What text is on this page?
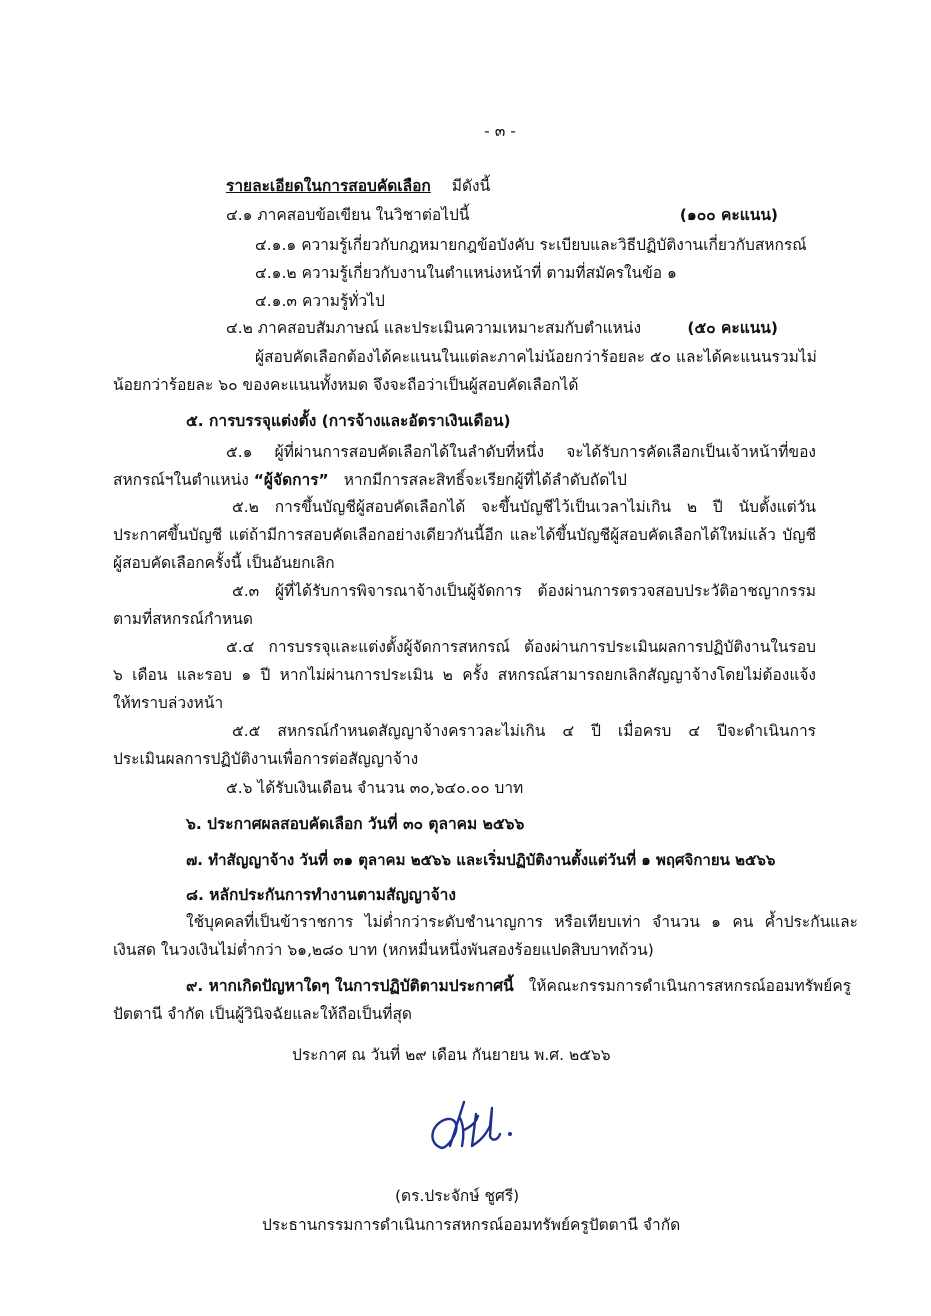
- ๓ -
รายละเอียดในการสอบคัดเลือก มีดังนี้
๔.๑ ภาคสอบข้อเขียน ในวิชาต่อไปนี้	(๑๐๐ คะแนน)
๔.๑.๑ ความรู้เกี่ยวกับกฎหมายกฎข้อบังคับ ระเบียบและวิธีปฏิบัติงานเกี่ยวกับสหกรณ์
๔.๑.๒ ความรู้เกี่ยวกับงานในตำแหน่งหน้าที่ ตามที่สมัครในข้อ ๑
๔.๑.๓ ความรู้ทั่วไป
๔.๒ ภาคสอบสัมภาษณ์ และประเมินความเหมาะสมกับตำแหน่ง	(๕๐ คะแนน)
ผู้สอบคัดเลือกต้องได้คะแนนในแต่ละภาคไม่น้อยกว่าร้อยละ ๕๐ และได้คะแนนรวมไม่
น้อยกว่าร้อยละ ๖๐ ของคะแนนทั้งหมด จึงจะถือว่าเป็นผู้สอบคัดเลือกได้
๕. การบรรจุแต่งตั้ง (การจ้างและอัตราเงินเดือน)
๕.๑ ผู้ที่ผ่านการสอบคัดเลือกได้ในลำดับที่หนึ่ง จะได้รับการคัดเลือกเป็นเจ้าหน้าที่ของ
สหกรณ์ฯในตำแหน่ง “ผู้จัดการ” หากมีการสละสิทธิ์จะเรียกผู้ที่ได้ลำดับถัดไป
๕.๒ การขึ้นบัญชีผู้สอบคัดเลือกได้ จะขึ้นบัญชีไว้เป็นเวลาไม่เกิน ๒ ปี นับตั้งแต่วัน
ประกาศขึ้นบัญชี แต่ถ้ามีการสอบคัดเลือกอย่างเดียวกันนี้อีก และได้ขึ้นบัญชีผู้สอบคัดเลือกได้ใหม่แล้ว บัญชี
ผู้สอบคัดเลือกครั้งนี้ เป็นอันยกเลิก
๕.๓ ผู้ที่ได้รับการพิจารณาจ้างเป็นผู้จัดการ ต้องผ่านการตรวจสอบประวัติอาชญากรรม
ตามที่สหกรณ์กำหนด
๕.๔ การบรรจุและแต่งตั้งผู้จัดการสหกรณ์ ต้องผ่านการประเมินผลการปฏิบัติงานในรอบ
๖ เดือน และรอบ ๑ ปี หากไม่ผ่านการประเมิน ๒ ครั้ง สหกรณ์สามารถยกเลิกสัญญาจ้างโดยไม่ต้องแจ้ง
ให้ทราบล่วงหน้า
๕.๕ สหกรณ์กำหนดสัญญาจ้างคราวละไม่เกิน ๔ ปี เมื่อครบ ๔ ปีจะดำเนินการ
ประเมินผลการปฏิบัติงานเพื่อการต่อสัญญาจ้าง
๕.๖ ได้รับเงินเดือน จำนวน ๓๐,๖๔๐.๐๐ บาท
๖. ประกาศผลสอบคัดเลือก วันที่ ๓๐ ตุลาคม ๒๕๖๖
๗. ทำสัญญาจ้าง วันที่ ๓๑ ตุลาคม ๒๕๖๖ และเริ่มปฏิบัติงานตั้งแต่วันที่ ๑ พฤศจิกายน ๒๕๖๖
๘. หลักประกันการทำงานตามสัญญาจ้าง
ใช้บุคคลที่เป็นข้าราชการ ไม่ต่ำกว่าระดับชำนาญการ หรือเทียบเท่า จำนวน ๑ คน ค้ำประกันและ
เงินสด ในวงเงินไม่ต่ำกว่า ๖๑,๒๘๐ บาท (หกหมื่นหนึ่งพันสองร้อยแปดสิบบาทถ้วน)
๙. หากเกิดปัญหาใดๆ ในการปฏิบัติตามประกาศนี้ ให้คณะกรรมการดำเนินการสหกรณ์ออมทรัพย์ครู
ปัตตานี จำกัด เป็นผู้วินิจฉัยและให้ถือเป็นที่สุด
ประกาศ ณ วันที่ ๒๙ เดือน กันยายน พ.ศ. ๒๕๖๖
(ดร.ประจักษ์ ชูศรี)
ประธานกรรมการดำเนินการสหกรณ์ออมทรัพย์ครูปัตตานี จำกัด
